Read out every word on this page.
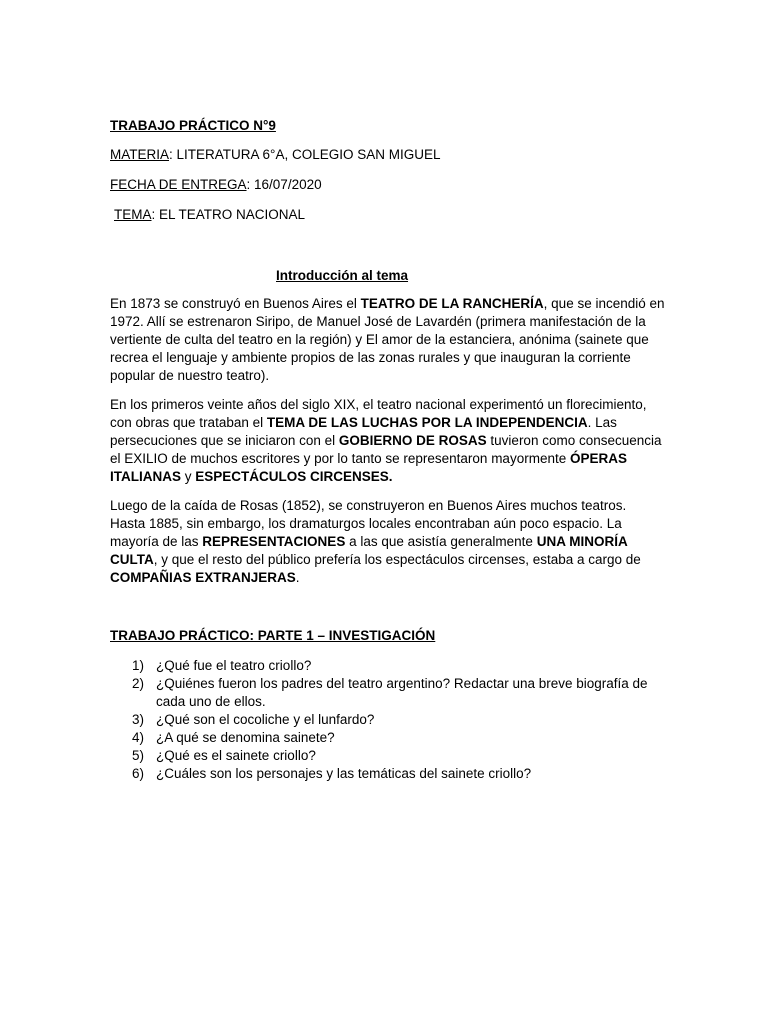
TRABAJO PRÁCTICO N°9
MATERIA: LITERATURA 6°A, COLEGIO SAN MIGUEL
FECHA DE ENTREGA: 16/07/2020
TEMA: EL TEATRO NACIONAL
Introducción al tema
En 1873 se construyó en Buenos Aires el TEATRO DE LA RANCHERÍA, que se incendió en 1972. Allí se estrenaron Siripo, de Manuel José de Lavardén (primera manifestación de la vertiente de culta del teatro en la región) y El amor de la estanciera, anónima (sainete que recrea el lenguaje y ambiente propios de las zonas rurales y que inauguran la corriente popular de nuestro teatro).
En los primeros veinte años del siglo XIX, el teatro nacional experimentó un florecimiento, con obras que trataban el TEMA DE LAS LUCHAS POR LA INDEPENDENCIA. Las persecuciones que se iniciaron con el GOBIERNO DE ROSAS tuvieron como consecuencia el EXILIO de muchos escritores y por lo tanto se representaron mayormente ÓPERAS ITALIANAS y ESPECTÁCULOS CIRCENSES.
Luego de la caída de Rosas (1852), se construyeron en Buenos Aires muchos teatros. Hasta 1885, sin embargo, los dramaturgos locales encontraban aún poco espacio. La mayoría de las REPRESENTACIONES a las que asistía generalmente UNA MINORÍA CULTA, y que el resto del público prefería los espectáculos circenses, estaba a cargo de COMPAÑIAS EXTRANJERAS.
TRABAJO PRÁCTICO: PARTE 1 – INVESTIGACIÓN
1) ¿Qué fue el teatro criollo?
2) ¿Quiénes fueron los padres del teatro argentino? Redactar una breve biografía de cada uno de ellos.
3) ¿Qué son el cocoliche y el lunfardo?
4) ¿A qué se denomina sainete?
5) ¿Qué es el sainete criollo?
6) ¿Cuáles son los personajes y las temáticas del sainete criollo?
